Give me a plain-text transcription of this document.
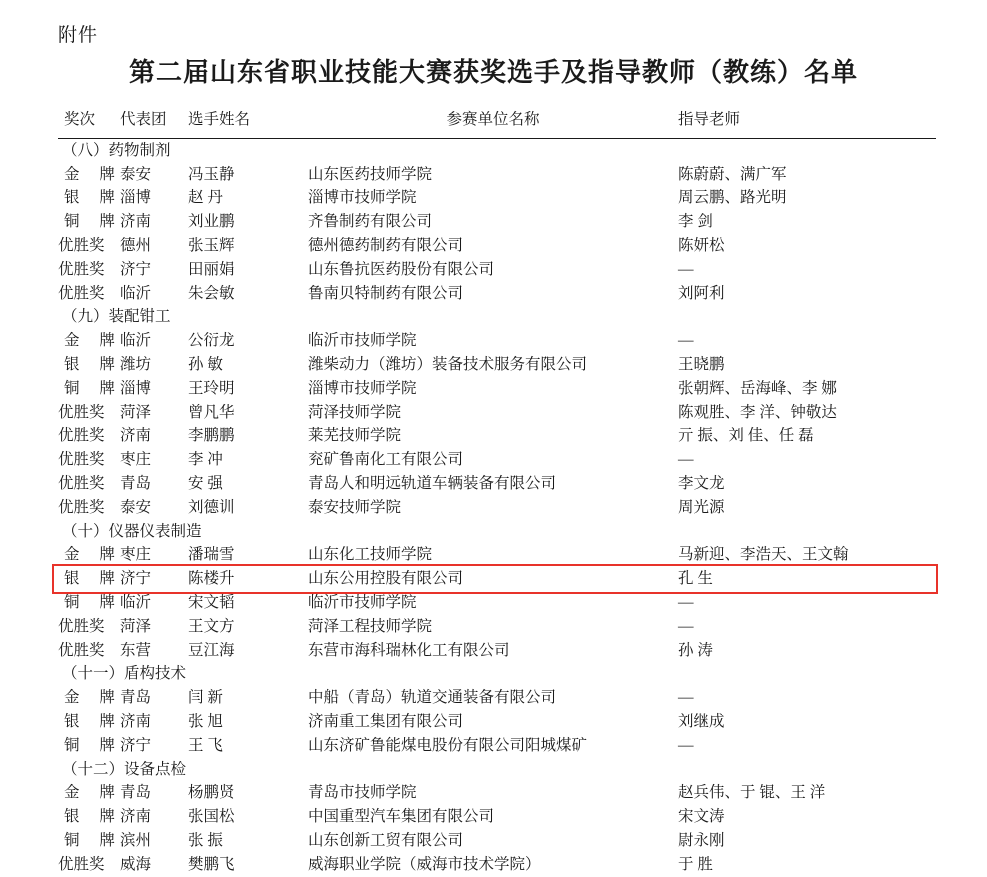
附件
第二届山东省职业技能大赛获奖选手及指导教师（教练）名单
奖次	代表团	选手姓名	参赛单位名称	指导老师

（八）药物制剂				
金 牌	泰安	冯玉静	山东医药技师学院	陈蔚蔚、满广军
银 牌	淄博	赵 丹	淄博市技师学院	周云鹏、路光明
铜 牌	济南	刘业鹏	齐鲁制药有限公司	李 剑
优胜奖	德州	张玉辉	德州德药制药有限公司	陈妍松
优胜奖	济宁	田丽娟	山东鲁抗医药股份有限公司	—
优胜奖	临沂	朱会敏	鲁南贝特制药有限公司	刘阿利
（九）装配钳工				
金 牌	临沂	公衍龙	临沂市技师学院	—
银 牌	潍坊	孙 敏	潍柴动力（潍坊）装备技术服务有限公司	王晓鹏
铜 牌	淄博	王玲明	淄博市技师学院	张朝辉、岳海峰、李 娜
优胜奖	菏泽	曾凡华	菏泽技师学院	陈观胜、李 洋、钟敬达
优胜奖	济南	李鹏鹏	莱芜技师学院	亓 振、刘 佳、任 磊
优胜奖	枣庄	李 冲	兖矿鲁南化工有限公司	—
优胜奖	青岛	安 强	青岛人和明远轨道车辆装备有限公司	李文龙
优胜奖	泰安	刘德训	泰安技师学院	周光源
（十）仪器仪表制造				
金 牌	枣庄	潘瑞雪	山东化工技师学院	马新迎、李浩天、王文翰
银 牌	济宁	陈楼升	山东公用控股有限公司	孔 生
铜 牌	临沂	宋文韬	临沂市技师学院	—
优胜奖	菏泽	王文方	菏泽工程技师学院	—
优胜奖	东营	豆江海	东营市海科瑞林化工有限公司	孙 涛
（十一）盾构技术				
金 牌	青岛	闫 新	中船（青岛）轨道交通装备有限公司	—
银 牌	济南	张 旭	济南重工集团有限公司	刘继成
铜 牌	济宁	王 飞	山东济矿鲁能煤电股份有限公司阳城煤矿	—
（十二）设备点检				
金 牌	青岛	杨鹏贤	青岛市技师学院	赵兵伟、于 锟、王 洋
银 牌	济南	张国松	中国重型汽车集团有限公司	宋文涛
铜 牌	滨州	张 振	山东创新工贸有限公司	尉永刚
优胜奖	威海	樊鹏飞	威海职业学院（威海市技术学院）	于 胜
